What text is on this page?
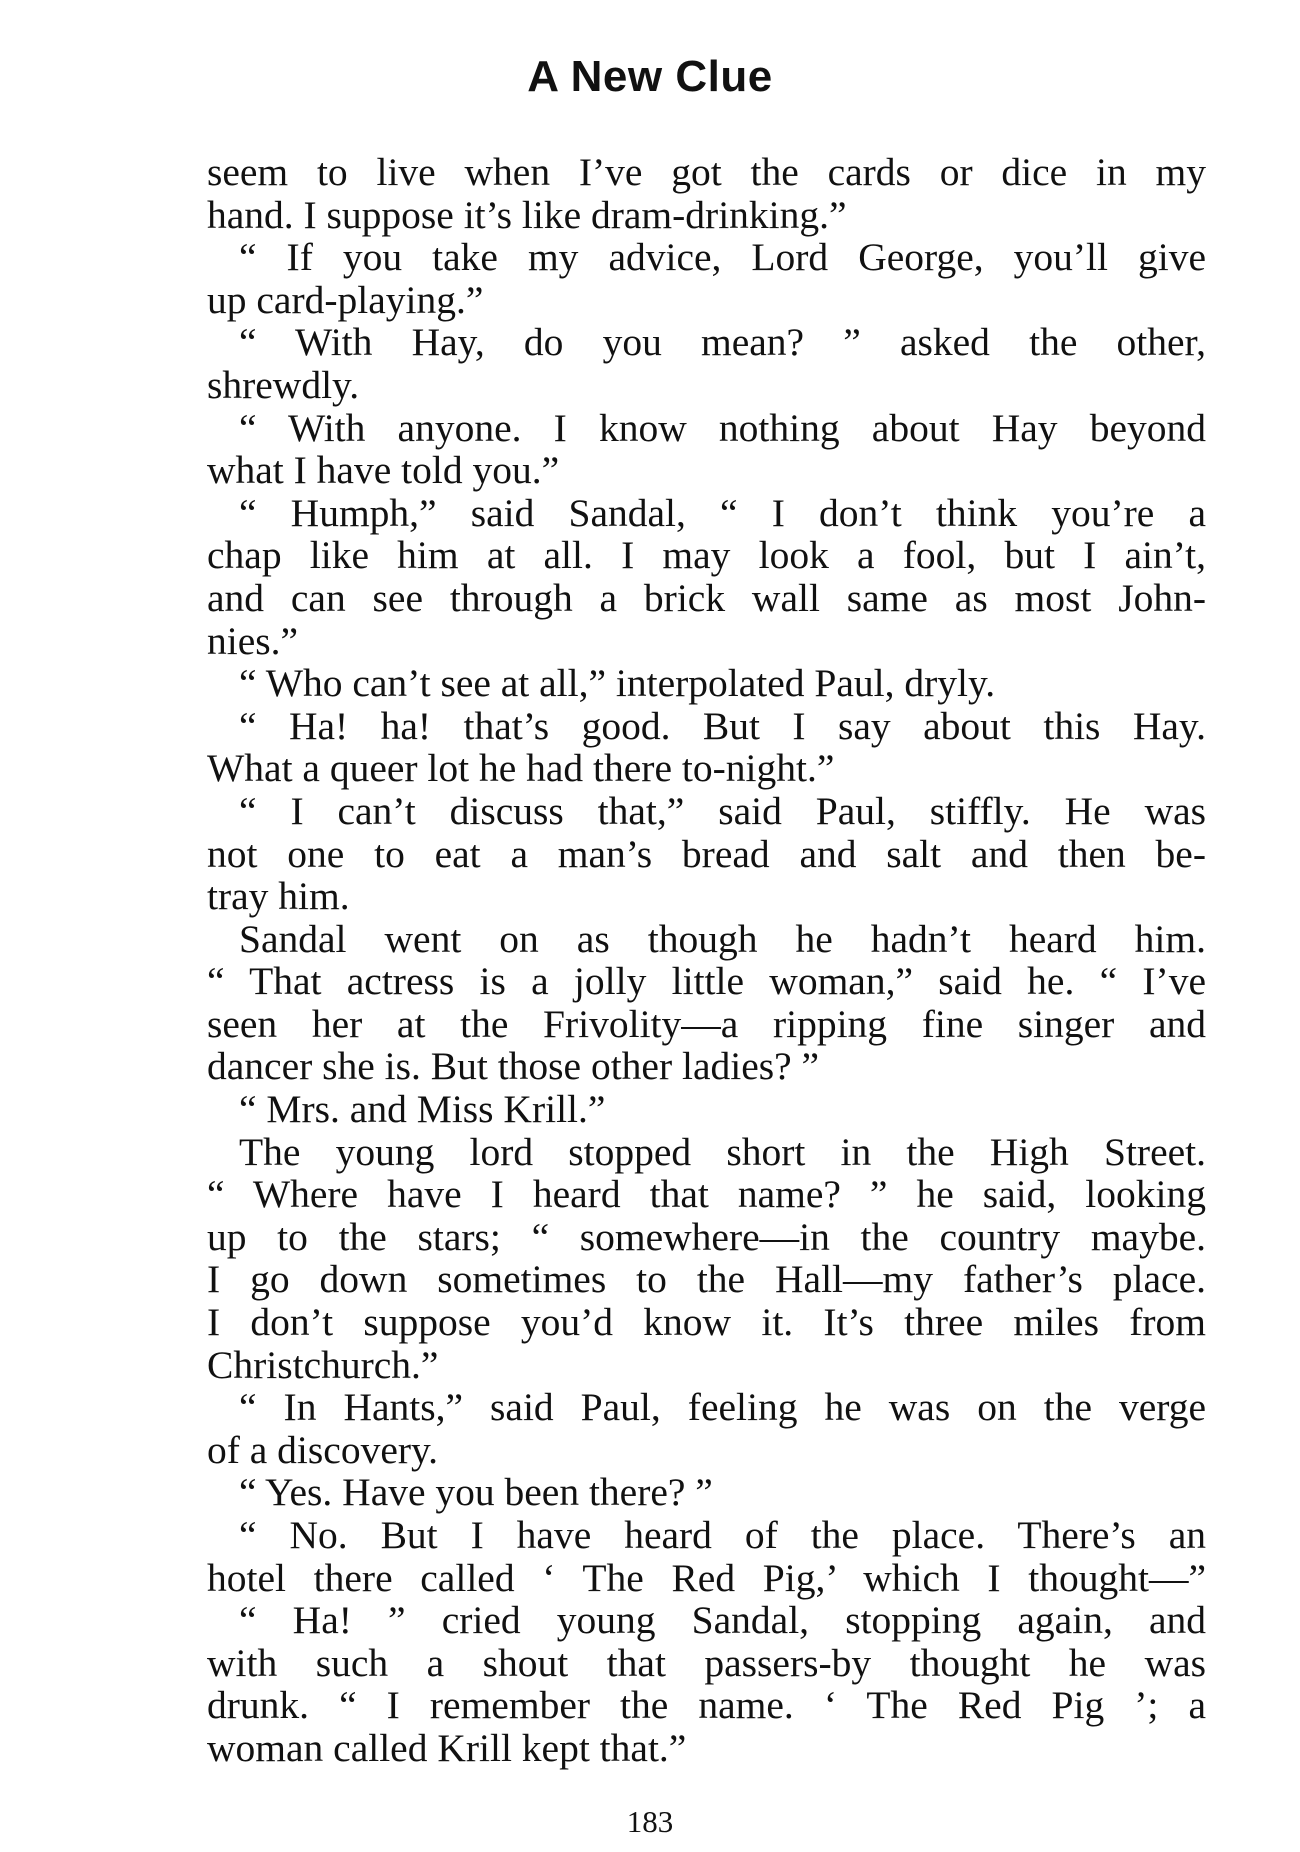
A New Clue
seem to live when I’ve got the cards or dice in my
hand. I suppose it’s like dram-drinking.”
“ If you take my advice, Lord George, you’ll give
up card-playing.”
“ With Hay, do you mean? ” asked the other,
shrewdly.
“ With anyone. I know nothing about Hay beyond
what I have told you.”
“ Humph,” said Sandal, “ I don’t think you’re a
chap like him at all. I may look a fool, but I ain’t,
and can see through a brick wall same as most John-
nies.”
“ Who can’t see at all,” interpolated Paul, dryly.
“ Ha! ha! that’s good. But I say about this Hay.
What a queer lot he had there to-night.”
“ I can’t discuss that,” said Paul, stiffly. He was
not one to eat a man’s bread and salt and then be-
tray him.
Sandal went on as though he hadn’t heard him.
“ That actress is a jolly little woman,” said he. “ I’ve
seen her at the Frivolity—a ripping fine singer and
dancer she is. But those other ladies? ”
“ Mrs. and Miss Krill.”
The young lord stopped short in the High Street.
“ Where have I heard that name? ” he said, looking
up to the stars; “ somewhere—in the country maybe.
I go down sometimes to the Hall—my father’s place.
I don’t suppose you’d know it. It’s three miles from
Christchurch.”
“ In Hants,” said Paul, feeling he was on the verge
of a discovery.
“ Yes. Have you been there? ”
“ No. But I have heard of the place. There’s an
hotel there called ‘ The Red Pig,’ which I thought—”
“ Ha! ” cried young Sandal, stopping again, and
with such a shout that passers-by thought he was
drunk. “ I remember the name. ‘ The Red Pig ’; a
woman called Krill kept that.”
183
